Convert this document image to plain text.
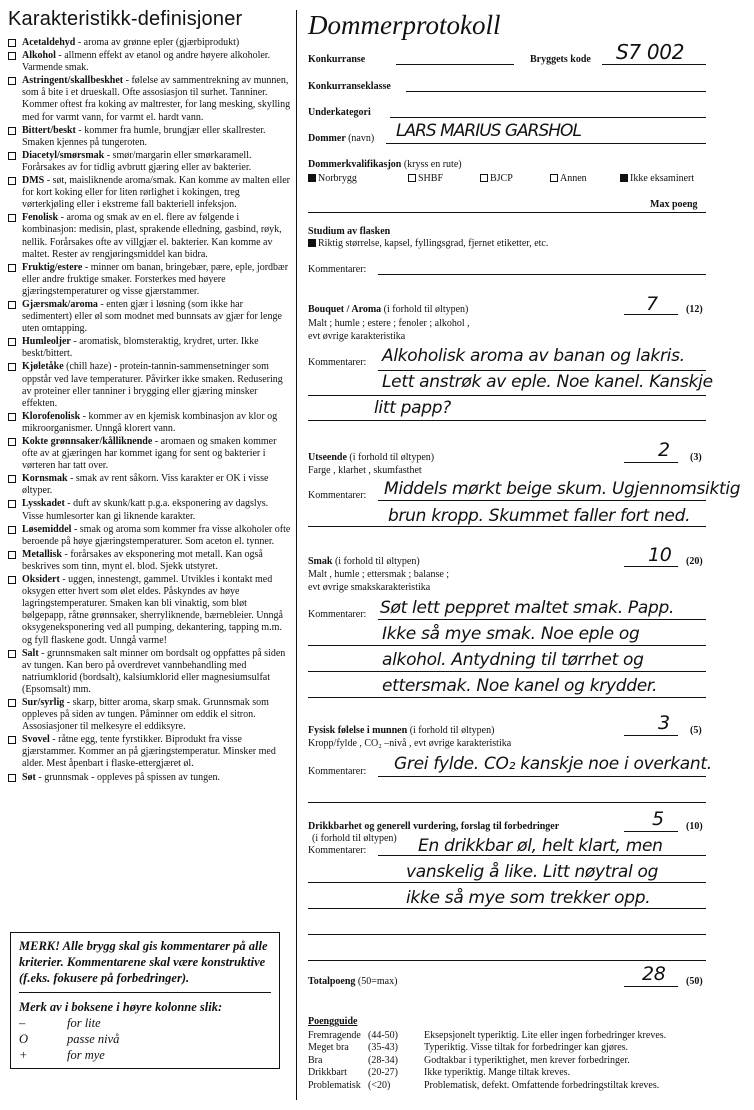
Karakteristikk-definisjoner
Acetaldehyd - aroma av grønne epler (gjærbiprodukt)
Alkohol - allmenn effekt av etanol og andre høyere alkoholer. Varmende smak.
Astringent/skallbeskhet - følelse av sammentrekning av munnen, som å bite i et drueskall. Ofte assosiasjon til surhet. Tanniner. Kommer oftest fra koking av maltrester, for lang mesking, skylling med for varmt vann, for varmt el. hardt vann.
Bittert/beskt - kommer fra humle, brungjær eller skallrester. Smaken kjennes på tungeroten.
Diacetyl/smørsmak - smør/margarin eller smørkaramell. Forårsakes av for tidlig avbrutt gjæring eller av bakterier.
DMS - søt, maisliknende aroma/smak. Kan komme av malten eller for kort koking eller for liten rørlighet i kokingen, treg vørterkjøling eller i ekstreme fall bakteriell infeksjon.
Fenolisk - aroma og smak av en el. flere av følgende i kombinasjon: medisin, plast, sprakende elledning, gasbind, røyk, nellik. Forårsakes ofte av villgjær el. bakterier. Kan komme av maltet. Rester av rengjøringsmiddel kan bidra.
Fruktig/estere - minner om banan, bringebær, pære, eple, jordbær eller andre fruktige smaker. Forsterkes med høyere gjæringstemperaturer og visse gjærstammer.
Gjærsmak/aroma - enten gjær i løsning (som ikke har sedimentert) eller øl som modnet med bunnsats av gjær for lenge uten omtapping.
Humleoljer - aromatisk, blomsteraktig, krydret, urter. Ikke beskt/bittert.
Kjøletåke (chill haze) - protein-tannin-sammensetninger som oppstår ved lave temperaturer. Påvirker ikke smaken. Redusering av proteiner eller tanniner i brygging eller gjæring minsker effekten.
Klorofenolisk - kommer av en kjemisk kombinasjon av klor og mikroorganismer. Unngå klorert vann.
Kokte grønnsaker/kålliknende - aromaen og smaken kommer ofte av at gjæringen har kommet igang for sent og bakterier i vørteren har tatt over.
Kornsmak - smak av rent såkorn. Viss karakter er OK i visse øltyper.
Lysskadet - duft av skunk/katt p.g.a. eksponering av dagslys. Visse humlesorter kan gi liknende karakter.
Løsemiddel - smak og aroma som kommer fra visse alkoholer ofte beroende på høye gjæringstemperaturer. Som aceton el. tynner.
Metallisk - forårsakes av eksponering mot metall. Kan også beskrives som tinn, mynt el. blod. Sjekk utstyret.
Oksidert - uggen, innestengt, gammel. Utvikles i kontakt med oksygen etter hvert som ølet eldes. Påskyndes av høye lagringstemperaturer. Smaken kan bli vinaktig, som bløt bølgepapp, råtne grønnsaker, sherryliknende, bærnebleier. Unngå oksygeneksponering ved all pumping, dekantering, tapping m.m. og fyll flaskene godt. Unngå varme!
Salt - grunnsmaken salt minner om bordsalt og oppfattes på siden av tungen. Kan bero på overdrevet vannbehandling med natriumklorid (bordsalt), kalsiumklorid eller magnesiumsulfat (Epsomsalt) mm.
Sur/syrlig - skarp, bitter aroma, skarp smak. Grunnsmak som oppleves på siden av tungen. Påminner om eddik el sitron. Assosiasjoner til melkesyre el eddiksyre.
Svovel - råtne egg, tente fyrstikker. Biprodukt fra visse gjærstammer. Kommer an på gjæringstemperatur. Minsker med alder. Mest åpenbart i flaske-ettergjæret øl.
Søt - grunnsmak - oppleves på spissen av tungen.
MERK! Alle brygg skal gis kommentarer på alle kriterier. Kommentarene skal være konstruktive (f.eks. fokusere på forbedringer).
Merk av i boksene i høyre kolonne slik:
–	for lite
O	passe nivå
+	for mye
Dommerprotokoll
Konkurranse	Bryggets kode S7 002
Konkurranseklasse
Underkategori
Dommer (navn) LARS MARIUS GARSHOL
Dommerkvalifikasjon (kryss en rute)
Norbrygg	SHBF	BJCP	Annen	Ikke eksaminert
Max poeng
Studium av flasken
Riktig størrelse, kapsel, fyllingsgrad, fjernet etiketter, etc.
Kommentarer:
Bouquet / Aroma (i forhold til øltypen)	7	(12)
Malt ; humle ; estere ; fenoler ; alkohol ,
evt øvrige karakteristika
Kommentarer: Alkoholisk aroma av banan og lakris.
Lett anstrøk av eple. Noe kanel. Kanskje
litt papp?
Utseende (i forhold til øltypen)	2 (3)
Farge , klarhet , skumfasthet
Kommentarer: Middels mørkt beige skum. Ugjennomsiktig
brun kropp. Skummet faller fort ned.
Smak (i forhold til øltypen)	10 (20)
Malt , humle ; ettersmak ; balanse ;
evt øvrige smakskarakteristika
Kommentarer: Søt lett peppret maltet smak. Papp.
Ikke så mye smak. Noe eple og
alkohol. Antydning til tørrhet og
ettersmak. Noe kanel og krydder.
Fysisk følelse i munnen (i forhold til øltypen)	3 (5)
Kropp/fylde , CO₂ –nivå , evt øvrige karakteristika
Kommentarer: Grei fylde. CO₂ kanskje noe i overkant.
Drikkbarhet og generell vurdering, forslag til forbedringer	5 (10)
(i forhold til øltypen)
Kommentarer:	En drikkbar øl, helt klart, men
vanskelig å like. Litt nøytral og
ikke så mye som trekker opp.
Totalpoeng (50=max)	28 (50)
Poengguide
Fremragende (44-50)	Eksepsjonelt typeriktig. Lite eller ingen forbedringer kreves.
Meget bra	(35-43)	Typeriktig. Visse tiltak for forbedringer kan gjøres.
Bra	(28-34)	Godtakbar i typeriktighet, men krever forbedringer.
Drikkbart	(20-27)	Ikke typeriktig. Mange tiltak kreves.
Problematisk (<20)	Problematisk, defekt. Omfattende forbedringstiltak kreves.
